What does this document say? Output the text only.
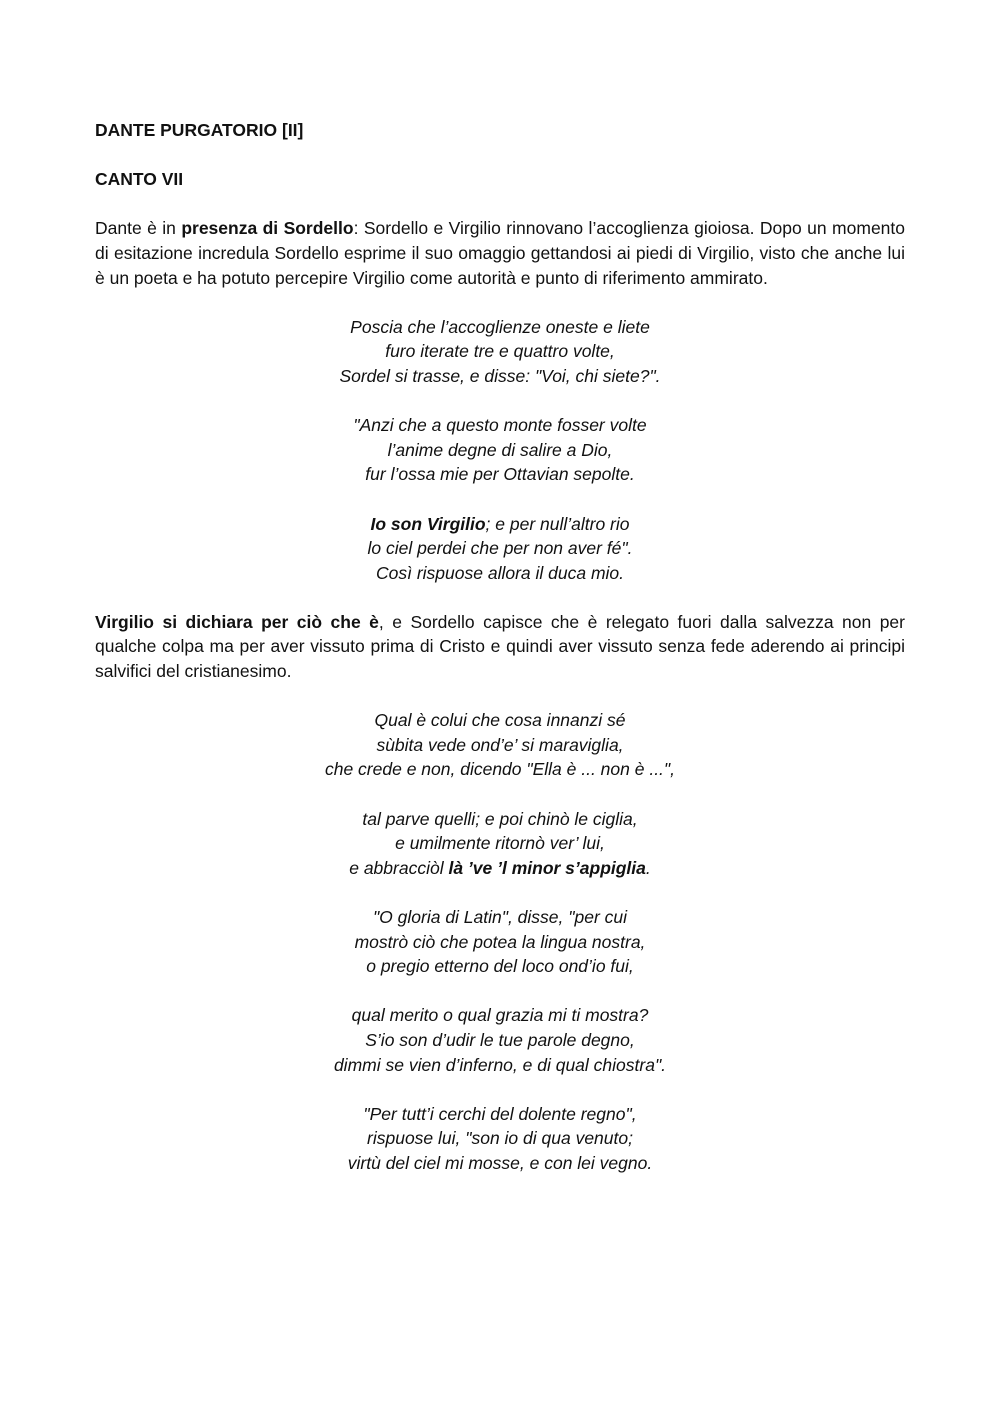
DANTE PURGATORIO [II]

CANTO VII

Dante è in presenza di Sordello: Sordello e Virgilio rinnovano l’accoglienza gioiosa. Dopo un momento di esitazione incredula Sordello esprime il suo omaggio gettandosi ai piedi di Virgilio, visto che anche lui è un poeta e ha potuto percepire Virgilio come autorità e punto di riferimento ammirato.

Poscia che l’accoglienze oneste e liete
furo iterate tre e quattro volte,
Sordel si trasse, e disse: "Voi, chi siete?".

"Anzi che a questo monte fosser volte
l’anime degne di salire a Dio,
fur l’ossa mie per Ottavian sepolte.

Io son Virgilio; e per null’altro rio
lo ciel perdei che per non aver fé".
Così rispuose allora il duca mio.

Virgilio si dichiara per ciò che è, e Sordello capisce che è relegato fuori dalla salvezza non per qualche colpa ma per aver vissuto prima di Cristo e quindi aver vissuto senza fede aderendo ai principi salvifici del cristianesimo.

Qual è colui che cosa innanzi sé
sùbita vede ond’e’ si maraviglia,
che crede e non, dicendo "Ella è ... non è ...",

tal parve quelli; e poi chinò le ciglia,
e umilmente ritornò ver’ lui,
e abbracciòl là ’ve ’l minor s’appiglia.

"O gloria di Latin", disse, "per cui
mostrò ciò che potea la lingua nostra,
o pregio etterno del loco ond’io fui,

qual merito o qual grazia mi ti mostra?
S’io son d’udir le tue parole degno,
dimmi se vien d’inferno, e di qual chiostra".

"Per tutt’i cerchi del dolente regno",
rispuose lui, "son io di qua venuto;
virtù del ciel mi mosse, e con lei vegno.
